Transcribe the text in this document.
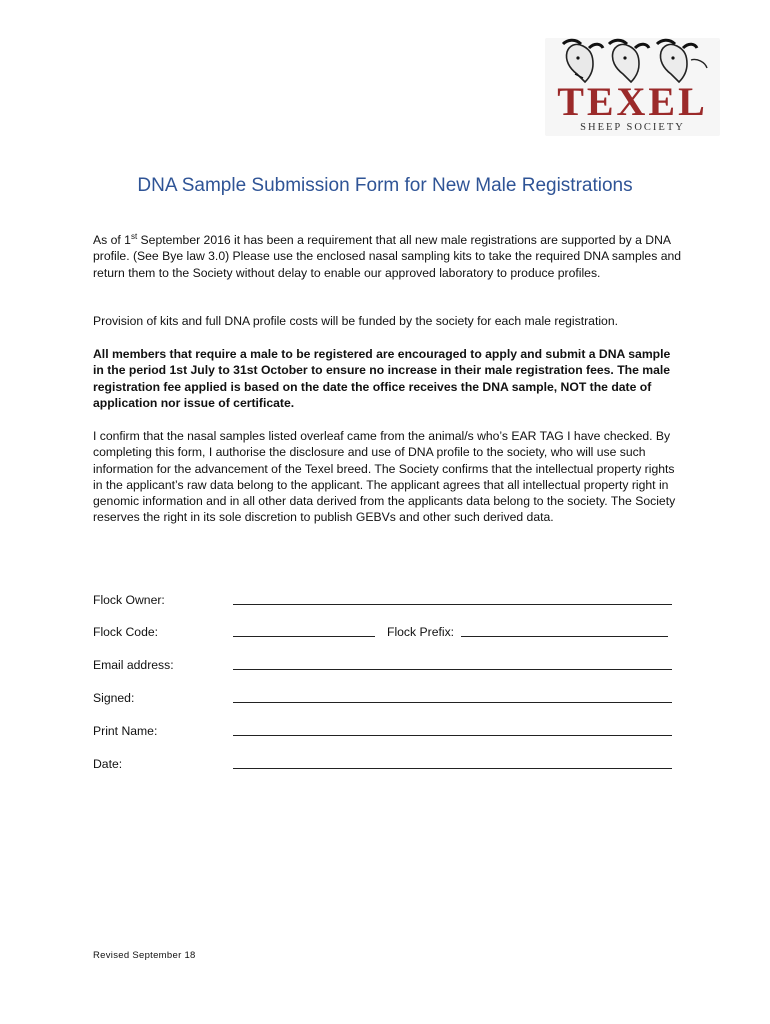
TEXEL
SHEEP SOCIETY
DNA Sample Submission Form for New Male Registrations

As of 1st September 2016 it has been a requirement that all new male registrations are supported by a DNA profile. (See Bye law 3.0) Please use the enclosed nasal sampling kits to take the required DNA samples and return them to the Society without delay to enable our approved laboratory to produce profiles.

Provision of kits and full DNA profile costs will be funded by the society for each male registration.

All members that require a male to be registered are encouraged to apply and submit a DNA sample in the period 1st July to 31st October to ensure no increase in their male registration fees. The male registration fee applied is based on the date the office receives the DNA sample, NOT the date of application nor issue of certificate.

I confirm that the nasal samples listed overleaf came from the animal/s who’s EAR TAG I have checked. By completing this form, I authorise the disclosure and use of DNA profile to the society, who will use such information for the advancement of the Texel breed. The Society confirms that the intellectual property rights in the applicant’s raw data belong to the applicant. The applicant agrees that all intellectual property right in genomic information and in all other data derived from the applicants data belong to the society. The Society reserves the right in its sole discretion to publish GEBVs and other such derived data.

Flock Owner:
Flock Code:	Flock Prefix:
Email address:
Signed:
Print Name:
Date:
Revised September 18
